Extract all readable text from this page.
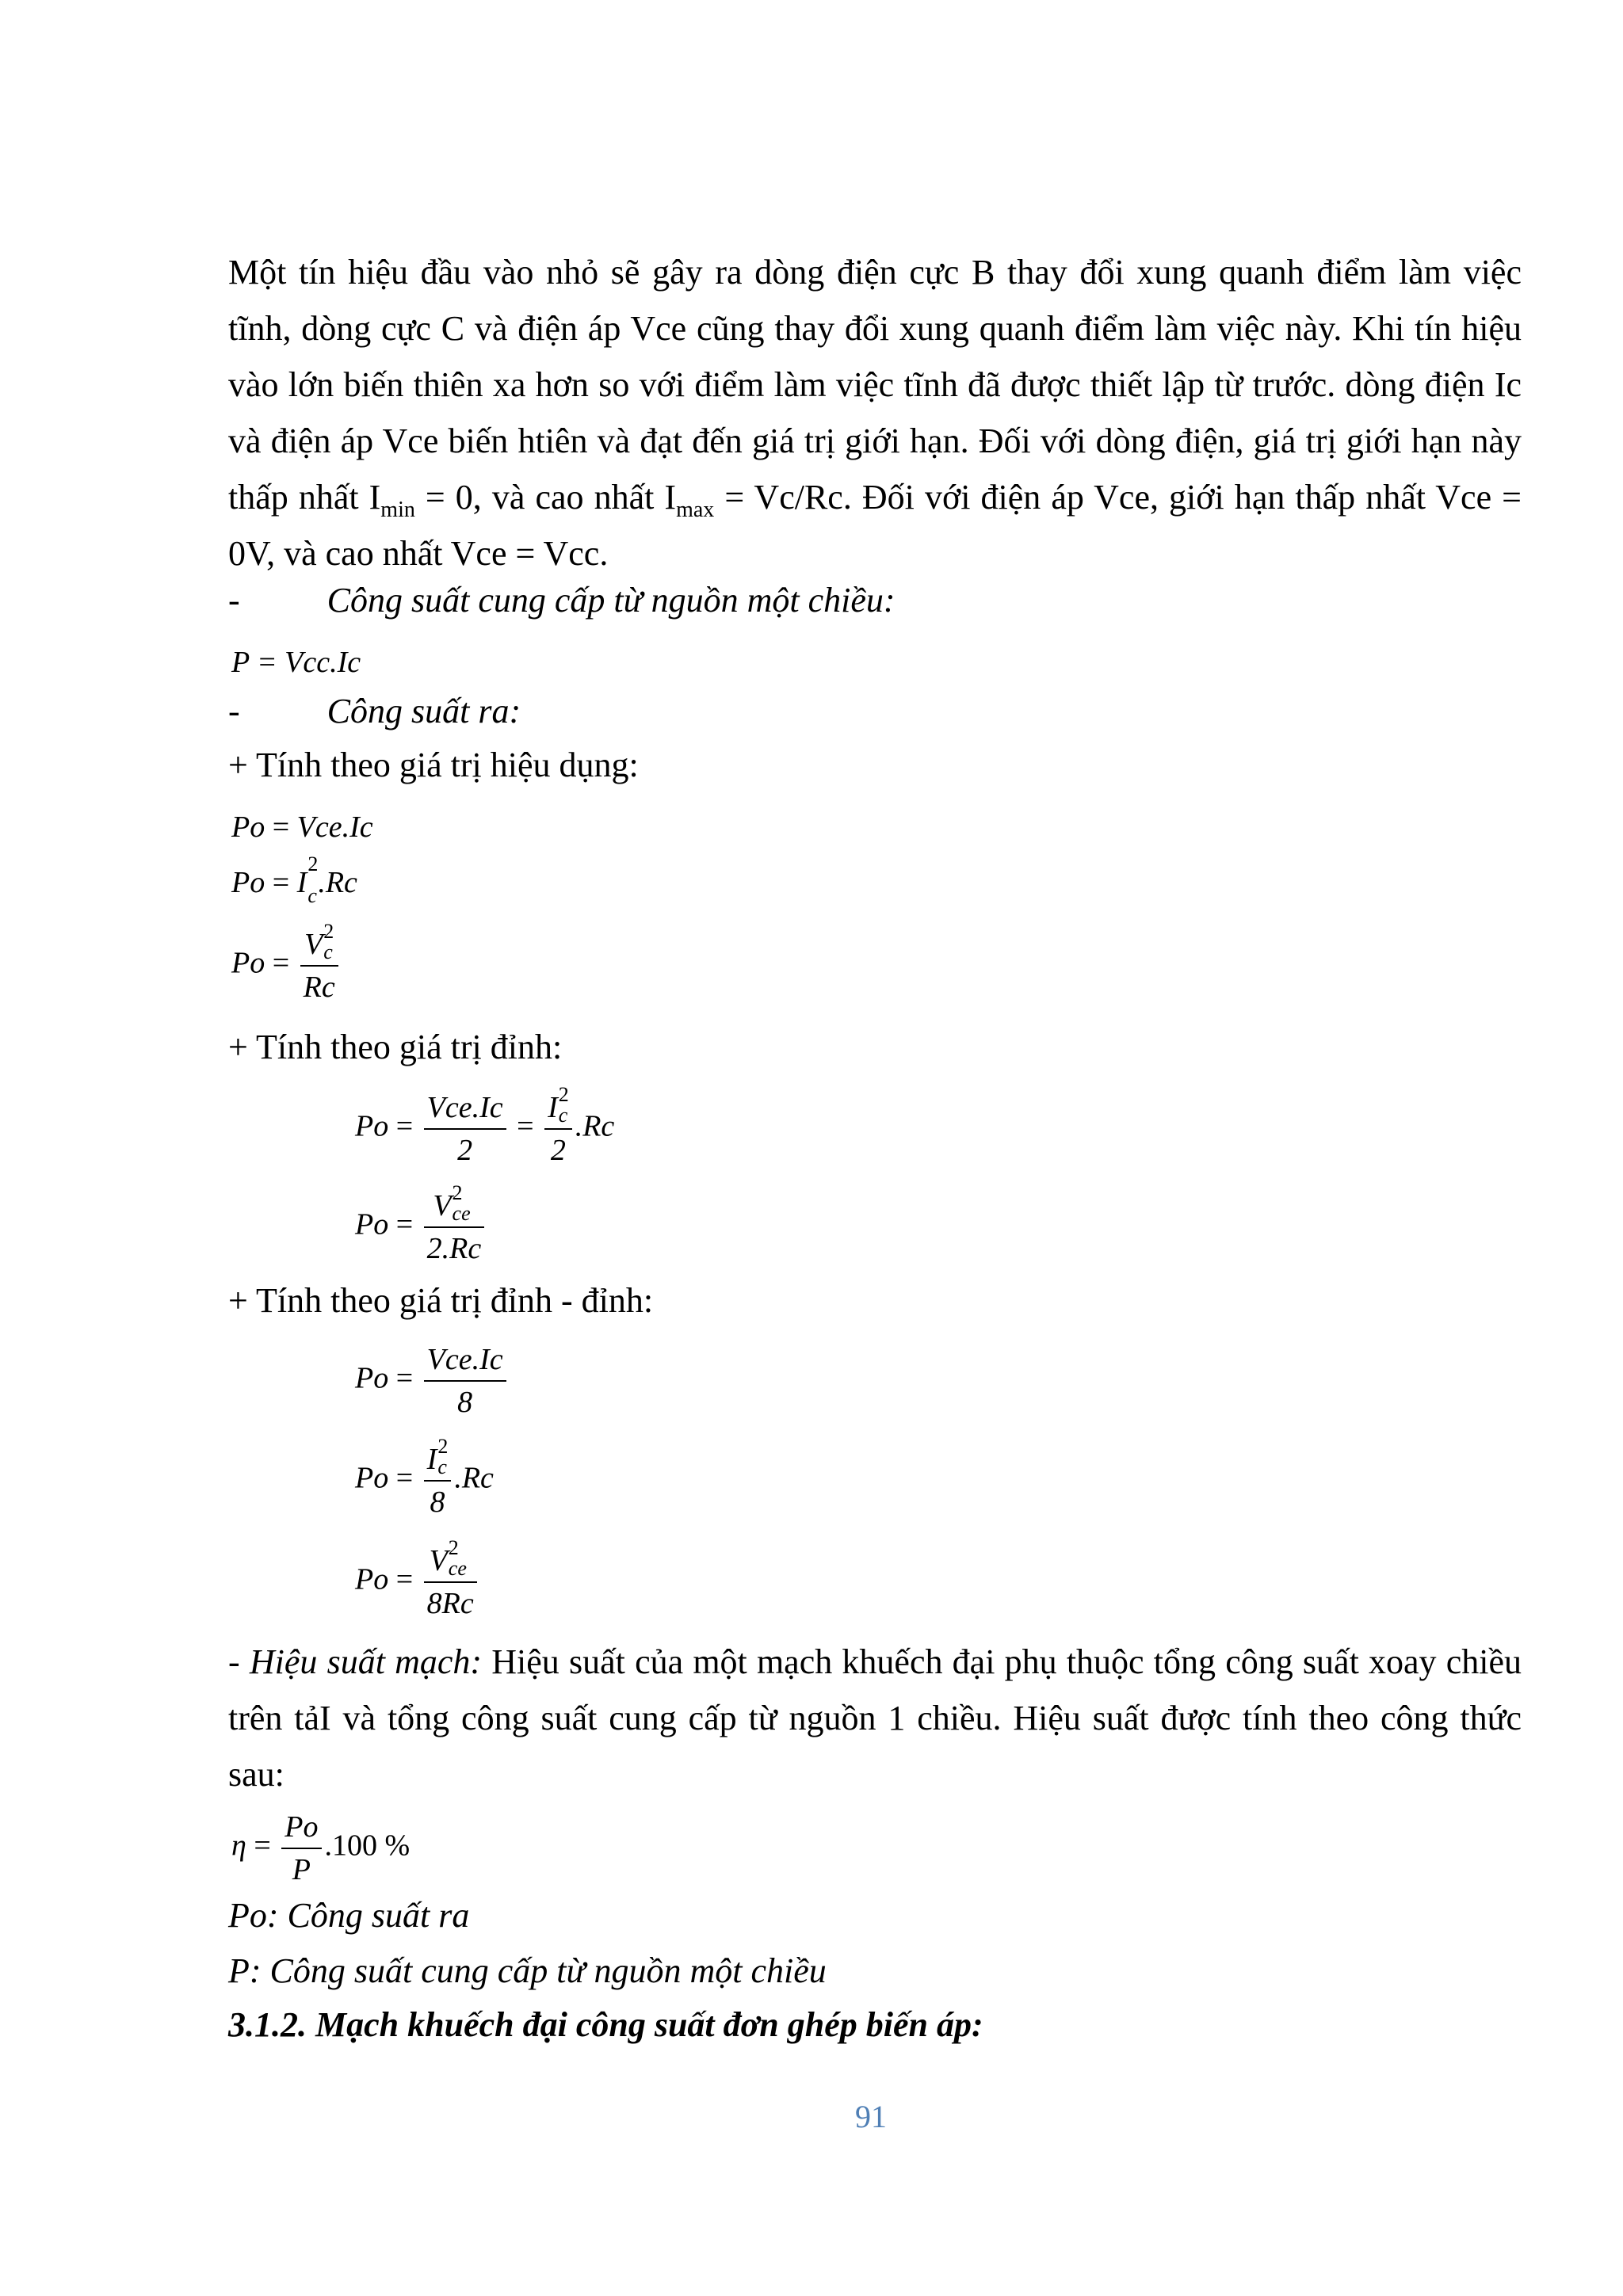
Một tín hiệu đầu vào nhỏ sẽ gây ra dòng điện cực B thay đổi xung quanh điểm làm việc tĩnh, dòng cực C và điện áp Vce cũng thay đổi xung quanh điểm làm việc này. Khi tín hiệu vào lớn biến thiên xa hơn so với điểm làm việc tĩnh đã được thiết lập từ trước. dòng điện Ic và điện áp Vce biến htiên và đạt đến giá trị giới hạn. Đối với dòng điện, giá trị giới hạn này thấp nhất $I_{min} = 0$, và cao nhất $I_{max} = Vc/Rc$. Đối với điện áp Vce, giới hạn thấp nhất Vce = 0V, và cao nhất Vce = Vcc.
-	Công suất cung cấp từ nguồn một chiều:
P = Vcc.Ic
-	Công suất ra:
+ Tính theo giá trị hiệu dụng:
Po = Vce.Ic
Po = I
2
c .Rc
Po = V 2
c
Rc
+ Tính theo giá trị đỉnh:
$Po = \frac{\text{Vce.Ic}}{2} = I$ 2
c
2 .Rc
Po = V 2
ce
2.Rc
+ Tính theo giá trị đỉnh - đỉnh:
$Po = \frac{\text{Vce.Ic}}{8}$
Po = I 2
c
8 .Rc
Po = V 2
ce
8Rc
- Hiệu suất mạch: Hiệu suất của một mạch khuếch đại phụ thuộc tổng công suất xoay chiều trên tảI và tổng công suất cung cấp từ nguồn 1 chiều. Hiệu suất được tính theo công thức sau:
$\eta = \frac{Po}{P} .100$ %
Po: Công suất ra
P: Công suất cung cấp từ nguồn một chiều
3.1.2. Mạch khuếch đại công suất đơn ghép biến áp:
91
